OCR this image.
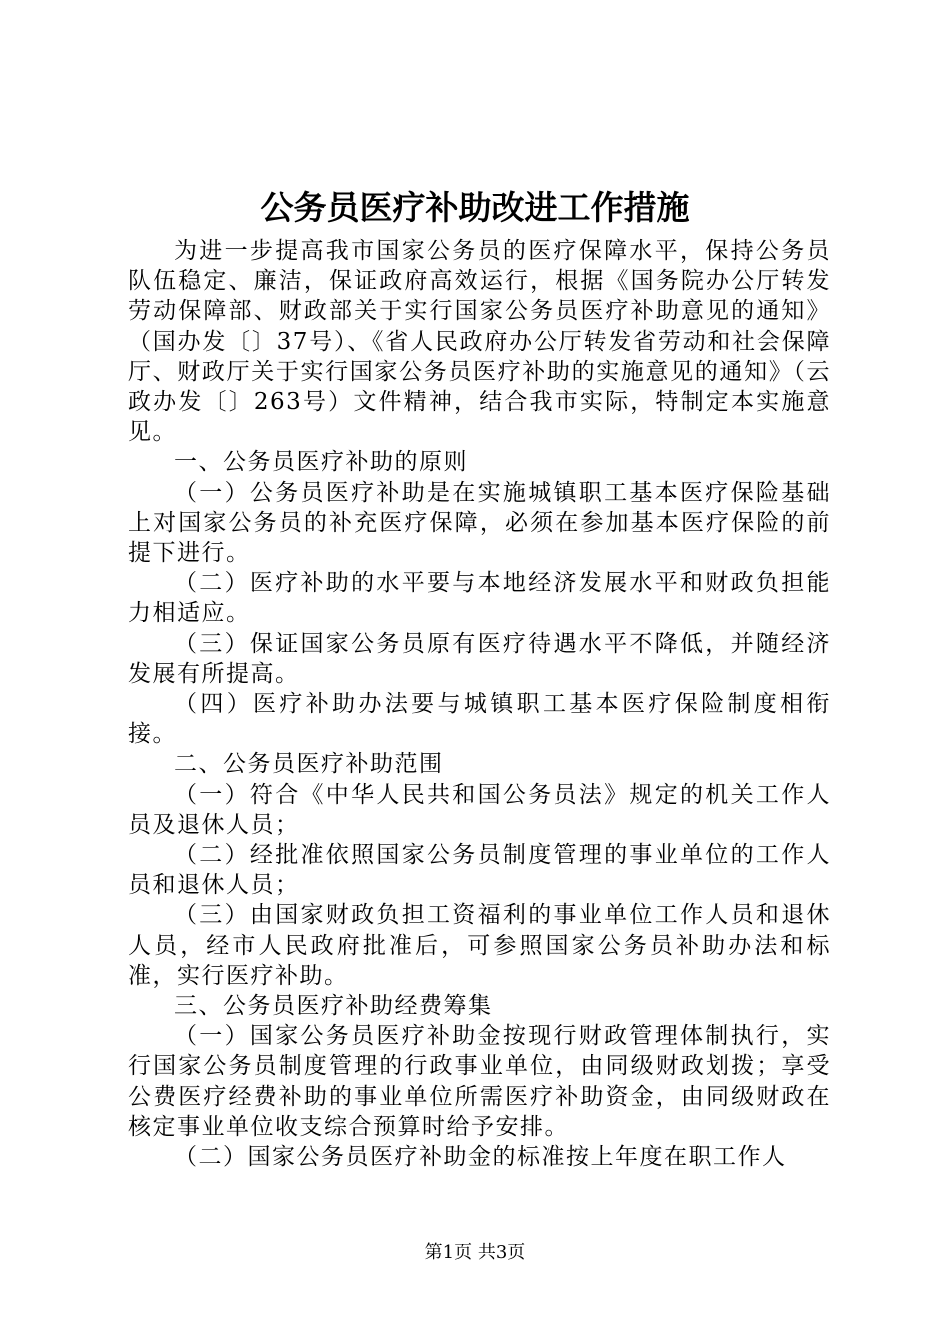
公务员医疗补助改进工作措施

为进一步提高我市国家公务员的医疗保障水平，保持公务员队伍稳定、廉洁，保证政府高效运行，根据《国务院办公厅转发劳动保障部、财政部关于实行国家公务员医疗补助意见的通知》（国办发〔〕37号）、《省人民政府办公厅转发省劳动和社会保障厅、财政厅关于实行国家公务员医疗补助的实施意见的通知》（云政办发〔〕263号）文件精神，结合我市实际，特制定本实施意见。

一、公务员医疗补助的原则

（一）公务员医疗补助是在实施城镇职工基本医疗保险基础上对国家公务员的补充医疗保障，必须在参加基本医疗保险的前提下进行。

（二）医疗补助的水平要与本地经济发展水平和财政负担能力相适应。

（三）保证国家公务员原有医疗待遇水平不降低，并随经济发展有所提高。

（四）医疗补助办法要与城镇职工基本医疗保险制度相衔接。

二、公务员医疗补助范围

（一）符合《中华人民共和国公务员法》规定的机关工作人员及退休人员；

（二）经批准依照国家公务员制度管理的事业单位的工作人员和退休人员；

（三）由国家财政负担工资福利的事业单位工作人员和退休人员，经市人民政府批准后，可参照国家公务员补助办法和标准，实行医疗补助。

三、公务员医疗补助经费筹集

（一）国家公务员医疗补助金按现行财政管理体制执行，实行国家公务员制度管理的行政事业单位，由同级财政划拨；享受公费医疗经费补助的事业单位所需医疗补助资金，由同级财政在核定事业单位收支综合预算时给予安排。

（二）国家公务员医疗补助金的标准按上年度在职工作人

第1页 共3页
